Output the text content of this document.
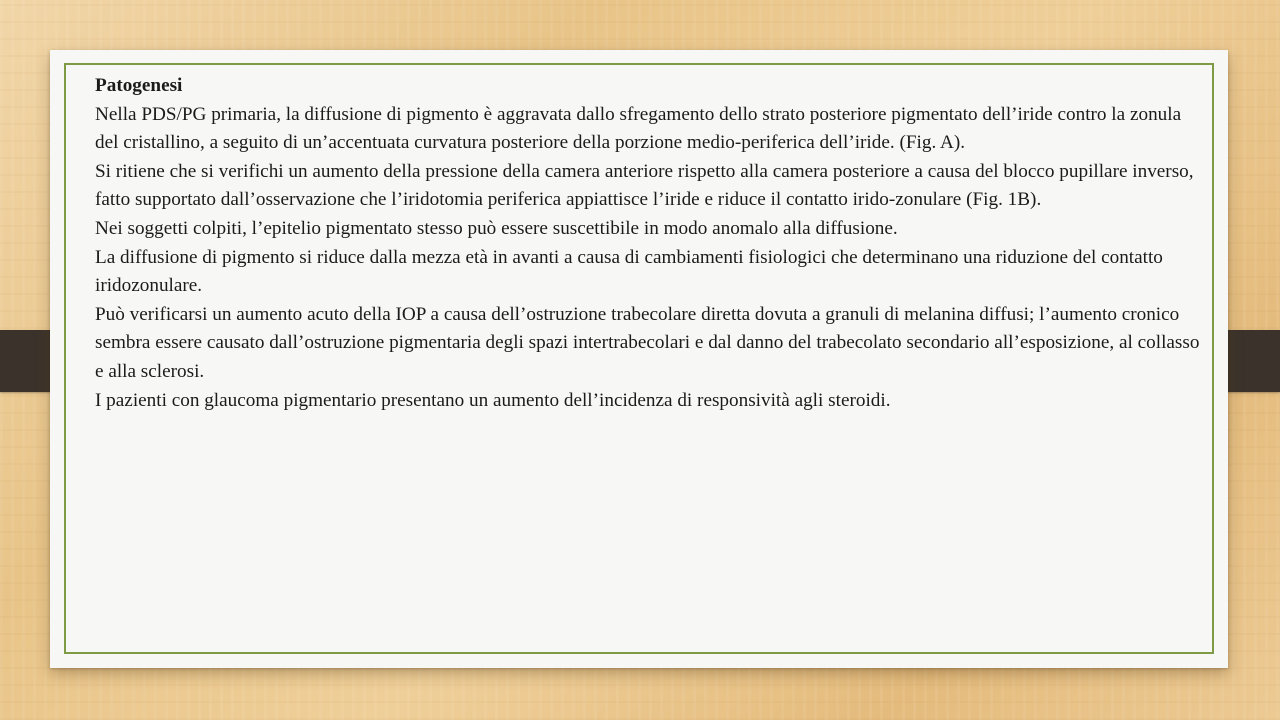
Patogenesi

Nella PDS/PG primaria, la diffusione di pigmento è aggravata dallo sfregamento dello strato posteriore pigmentato dell’iride contro la zonula del cristallino, a seguito di un’accentuata curvatura posteriore della porzione medio-periferica dell’iride. (Fig. A).

Si ritiene che si verifichi un aumento della pressione della camera anteriore rispetto alla camera posteriore a causa del blocco pupillare inverso, fatto supportato dall’osservazione che l’iridotomia periferica appiattisce l’iride e riduce il contatto irido-zonulare (Fig. 1B).

Nei soggetti colpiti, l’epitelio pigmentato stesso può essere suscettibile in modo anomalo alla diffusione.

La diffusione di pigmento si riduce dalla mezza età in avanti a causa di cambiamenti fisiologici che determinano una riduzione del contatto iridozonulare.

Può verificarsi un aumento acuto della IOP a causa dell’ostruzione trabecolare diretta dovuta a granuli di melanina diffusi; l’aumento cronico sembra essere causato dall’ostruzione pigmentaria degli spazi intertrabecolari e dal danno del trabecolato secondario all’esposizione, al collasso e alla sclerosi.

I pazienti con glaucoma pigmentario presentano un aumento dell’incidenza di responsività agli steroidi.
